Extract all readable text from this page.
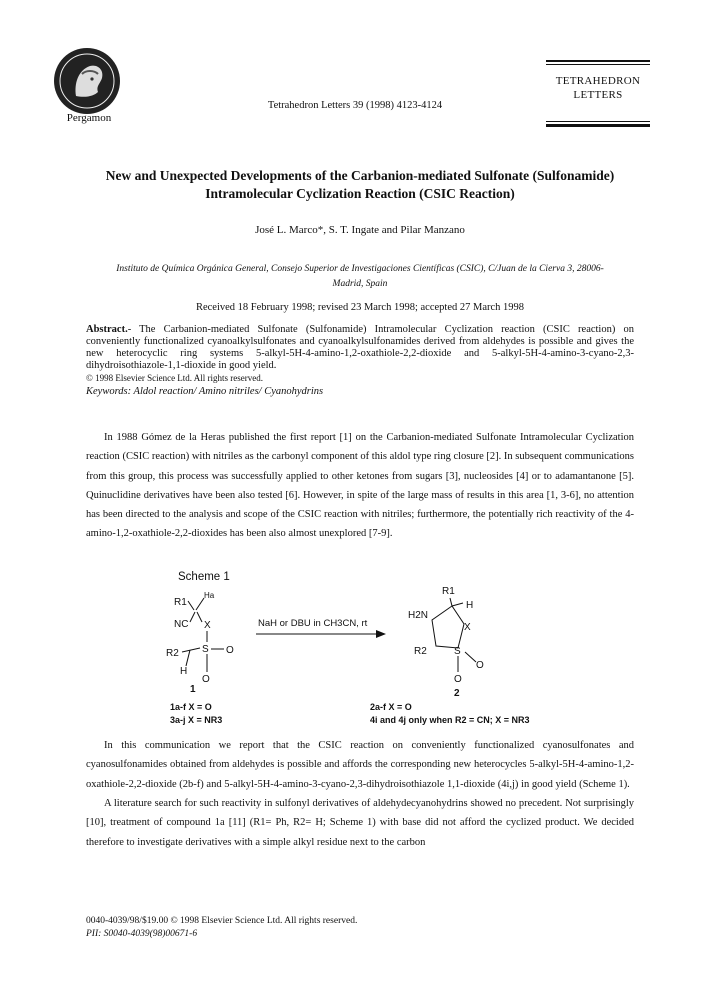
Pergamon
Tetrahedron Letters 39 (1998) 4123-4124
TETRAHEDRON
LETTERS
New and Unexpected Developments of the Carbanion-mediated Sulfonate (Sulfonamide)
Intramolecular Cyclization Reaction (CSIC Reaction)
José L. Marco*, S. T. Ingate and Pilar Manzano
Instituto de Química Orgánica General, Consejo Superior de Investigaciones Científicas (CSIC), C/Juan de la Cierva 3, 28006-
Madrid, Spain
Received 18 February 1998; revised 23 March 1998; accepted 27 March 1998
Abstract.- The Carbanion-mediated Sulfonate (Sulfonamide) Intramolecular Cyclization reaction (CSIC reaction) on conveniently functionalized cyanoalkylsulfonates and cyanoalkylsulfonamides derived from aldehydes is possible and gives the new heterocyclic ring systems 5-alkyl-5H-4-amino-1,2-oxathiole-2,2-dioxide and 5-alkyl-5H-4-amino-3-cyano-2,3-dihydroisothiazole-1,1-dioxide in good yield.
© 1998 Elsevier Science Ltd. All rights reserved.
Keywords: Aldol reaction/ Amino nitriles/ Cyanohydrins
In 1988 Gómez de la Heras published the first report [1] on the Carbanion-mediated Sulfonate Intramolecular Cyclization reaction (CSIC reaction) with nitriles as the carbonyl component of this aldol type ring closure [2]. In subsequent communications from this group, this process was successfully applied to other ketones from sugars [3], nucleosides [4] or to adamantanone [5]. Quinuclidine derivatives have been also tested [6]. However, in spite of the large mass of results in this area [1, 3-6], no attention has been directed to the analysis and scope of the CSIC reaction with nitriles; furthermore, the potentially rich reactivity of the 4-amino-1,2-oxathiole-2,2-dioxides has been also almost unexplored [7-9].
Scheme 1
R1
Ha
NC X
S O
O
R2
H
1
NaH or DBU in CH3CN, rt
R1
H
H2N
X
S
O
O
R2
2
1a-f X = O
3a-j X = NR3
2a-f X = O
4i and 4j only when R2 = CN; X = NR3
In this communication we report that the CSIC reaction on conveniently functionalized cyanosulfonates and cyanosulfonamides obtained from aldehydes is possible and affords the corresponding new heterocycles 5-alkyl-5H-4-amino-1,2-oxathiole-2,2-dioxide (2b-f) and 5-alkyl-5H-4-amino-3-cyano-2,3-dihydroisothiazole 1,1-dioxide (4i,j) in good yield (Scheme 1).
A literature search for such reactivity in sulfonyl derivatives of aldehydecyanohydrins showed no precedent. Not surprisingly [10], treatment of compound 1a [11] (R1= Ph, R2= H; Scheme 1) with base did not afford the cyclized product. We decided therefore to investigate derivatives with a simple alkyl residue next to the carbon
0040-4039/98/$19.00 © 1998 Elsevier Science Ltd. All rights reserved.
PII: S0040-4039(98)00671-6
